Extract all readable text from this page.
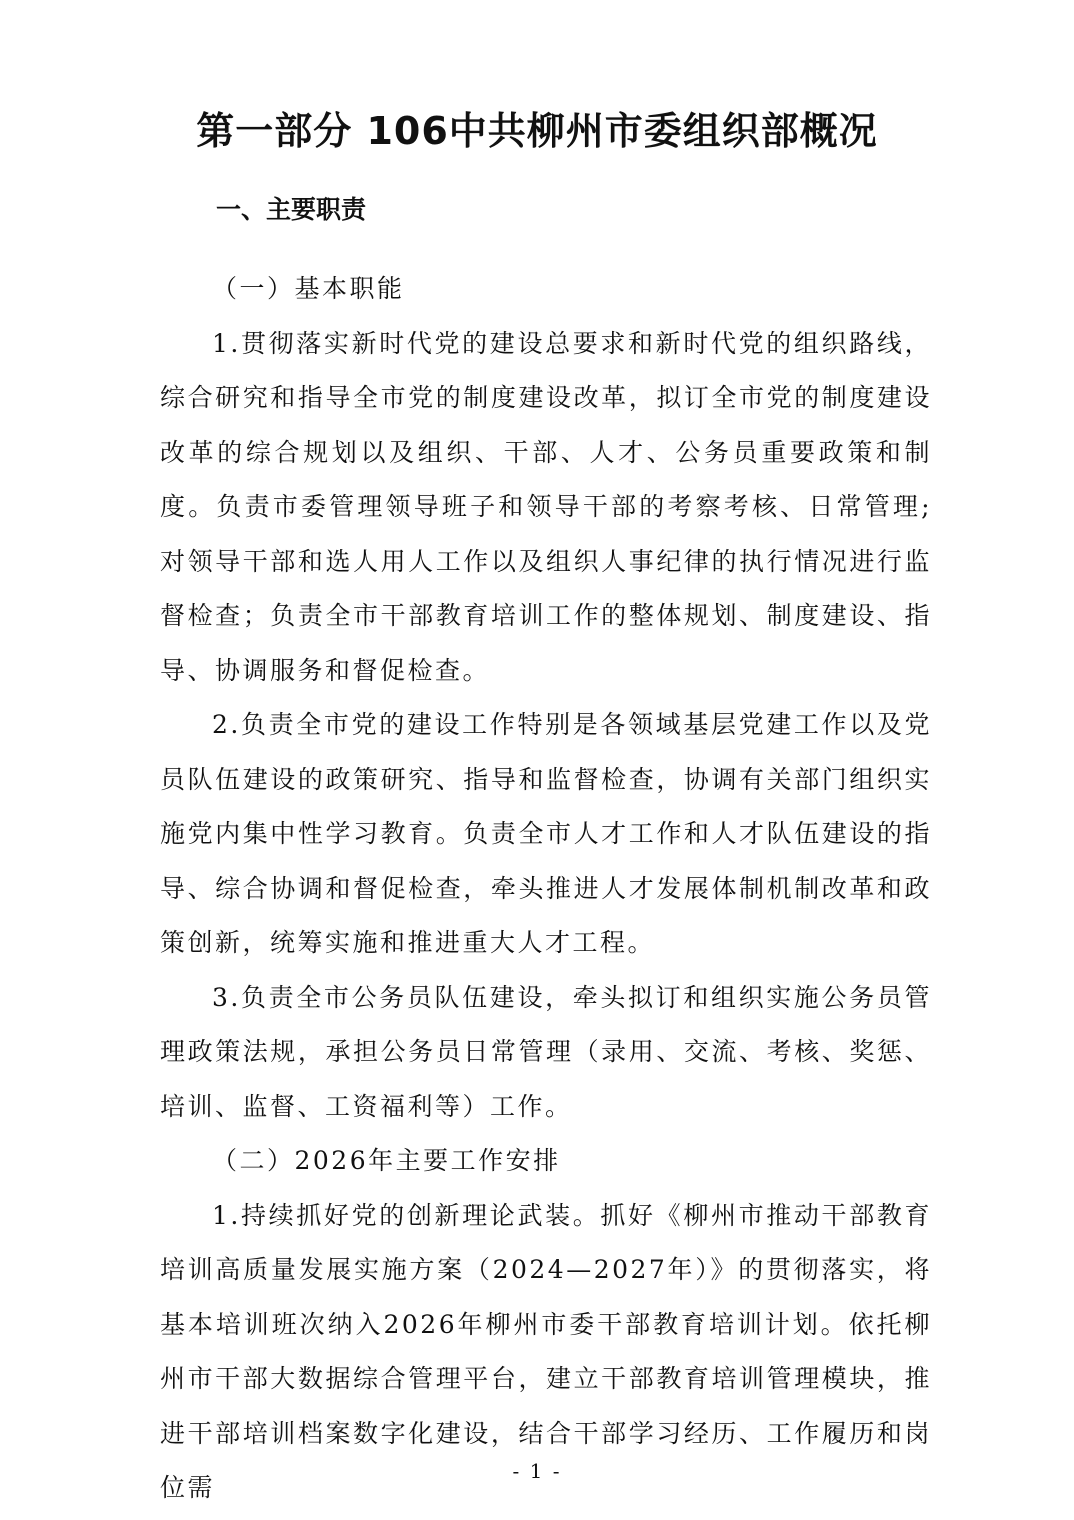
第一部分 106中共柳州市委组织部概况
一、主要职责

（一）基本职能

1.贯彻落实新时代党的建设总要求和新时代党的组织路线，综合研究和指导全市党的制度建设改革，拟订全市党的制度建设改革的综合规划以及组织、干部、人才、公务员重要政策和制度。负责市委管理领导班子和领导干部的考察考核、日常管理;对领导干部和选人用人工作以及组织人事纪律的执行情况进行监督检查；负责全市干部教育培训工作的整体规划、制度建设、指导、协调服务和督促检查。

2.负责全市党的建设工作特别是各领域基层党建工作以及党员队伍建设的政策研究、指导和监督检查，协调有关部门组织实施党内集中性学习教育。负责全市人才工作和人才队伍建设的指导、综合协调和督促检查，牵头推进人才发展体制机制改革和政策创新，统筹实施和推进重大人才工程。

3.负责全市公务员队伍建设，牵头拟订和组织实施公务员管理政策法规，承担公务员日常管理（录用、交流、考核、奖惩、培训、监督、工资福利等）工作。

（二）2026年主要工作安排

1.持续抓好党的创新理论武装。抓好《柳州市推动干部教育培训高质量发展实施方案（2024—2027年）》的贯彻落实，将基本培训班次纳入2026年柳州市委干部教育培训计划。依托柳州市干部大数据综合管理平台，建立干部教育培训管理模块，推进干部培训档案数字化建设，结合干部学习经历、工作履历和岗位需

- 1 -
